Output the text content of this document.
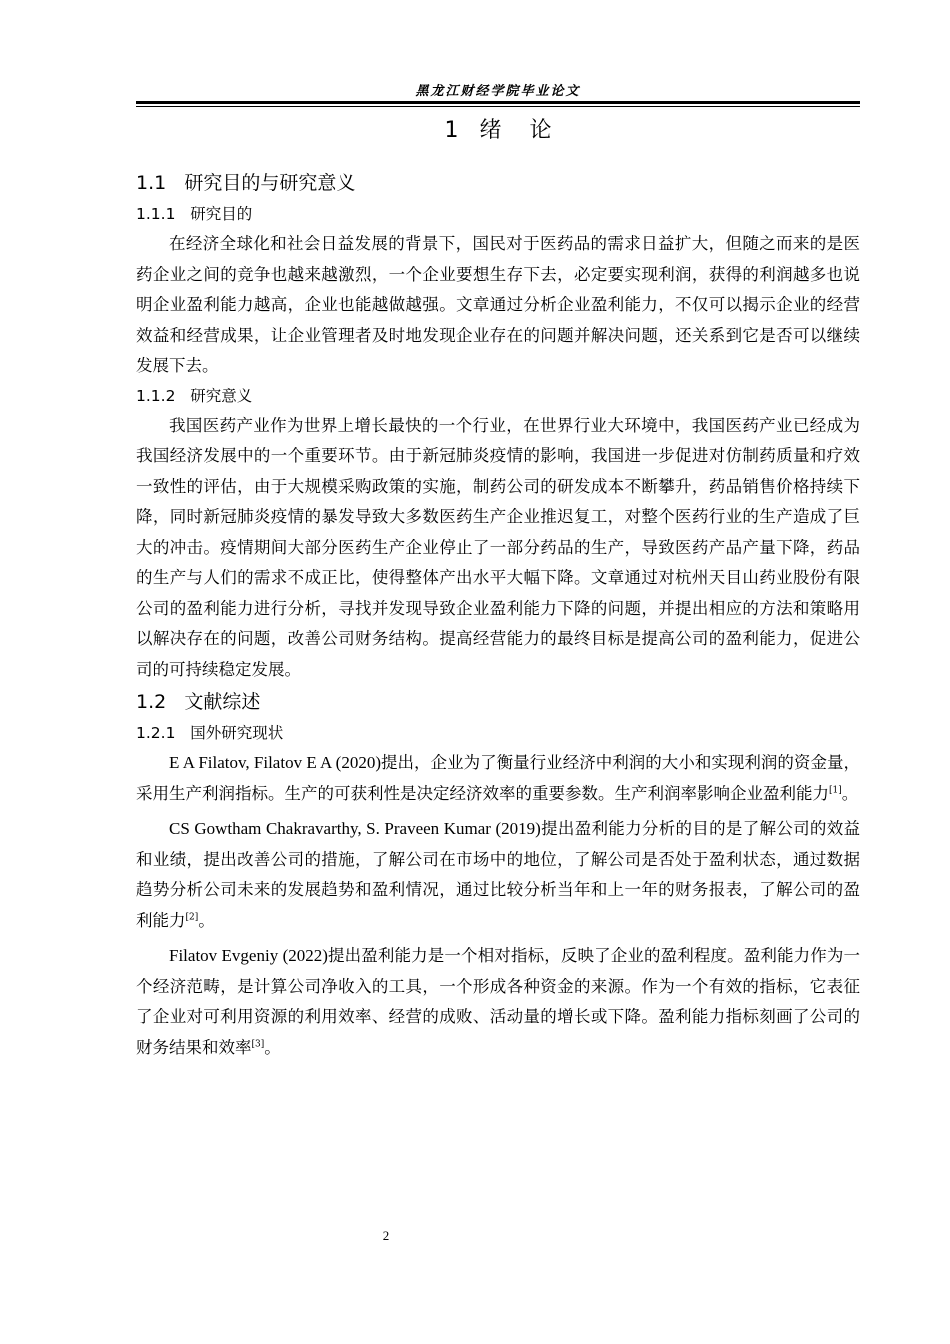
黑龙江财经学院毕业论文
1   绪    论
1.1   研究目的与研究意义
1.1.1   研究目的

在经济全球化和社会日益发展的背景下，国民对于医药品的需求日益扩大，但随之而来的是医药企业之间的竞争也越来越激烈，一个企业要想生存下去，必定要实现利润，获得的利润越多也说明企业盈利能力越高，企业也能越做越强。文章通过分析企业盈利能力，不仅可以揭示企业的经营效益和经营成果，让企业管理者及时地发现企业存在的问题并解决问题，还关系到它是否可以继续发展下去。

1.1.2   研究意义

我国医药产业作为世界上增长最快的一个行业，在世界行业大环境中，我国医药产业已经成为我国经济发展中的一个重要环节。由于新冠肺炎疫情的影响，我国进一步促进对仿制药质量和疗效一致性的评估，由于大规模采购政策的实施，制药公司的研发成本不断攀升，药品销售价格持续下降，同时新冠肺炎疫情的暴发导致大多数医药生产企业推迟复工，对整个医药行业的生产造成了巨大的冲击。疫情期间大部分医药生产企业停止了一部分药品的生产，导致医药产品产量下降，药品的生产与人们的需求不成正比，使得整体产出水平大幅下降。文章通过对杭州天目山药业股份有限公司的盈利能力进行分析，寻找并发现导致企业盈利能力下降的问题，并提出相应的方法和策略用以解决存在的问题，改善公司财务结构。提高经营能力的最终目标是提高公司的盈利能力，促进公司的可持续稳定发展。

1.2   文献综述
1.2.1   国外研究现状

E A Filatov, Filatov E A (2020)提出，企业为了衡量行业经济中利润的大小和实现利润的资金量，采用生产利润指标。生产的可获利性是决定经济效率的重要参数。生产利润率影响企业盈利能力[1]。

CS Gowtham Chakravarthy, S. Praveen Kumar (2019)提出盈利能力分析的目的是了解公司的效益和业绩，提出改善公司的措施，了解公司在市场中的地位，了解公司是否处于盈利状态，通过数据趋势分析公司未来的发展趋势和盈利情况，通过比较分析当年和上一年的财务报表，了解公司的盈利能力[2]。

Filatov Evgeniy (2022)提出盈利能力是一个相对指标，反映了企业的盈利程度。盈利能力作为一个经济范畴，是计算公司净收入的工具，一个形成各种资金的来源。作为一个有效的指标，它表征了企业对可利用资源的利用效率、经营的成败、活动量的增长或下降。盈利能力指标刻画了公司的财务结果和效率[3]。

2
